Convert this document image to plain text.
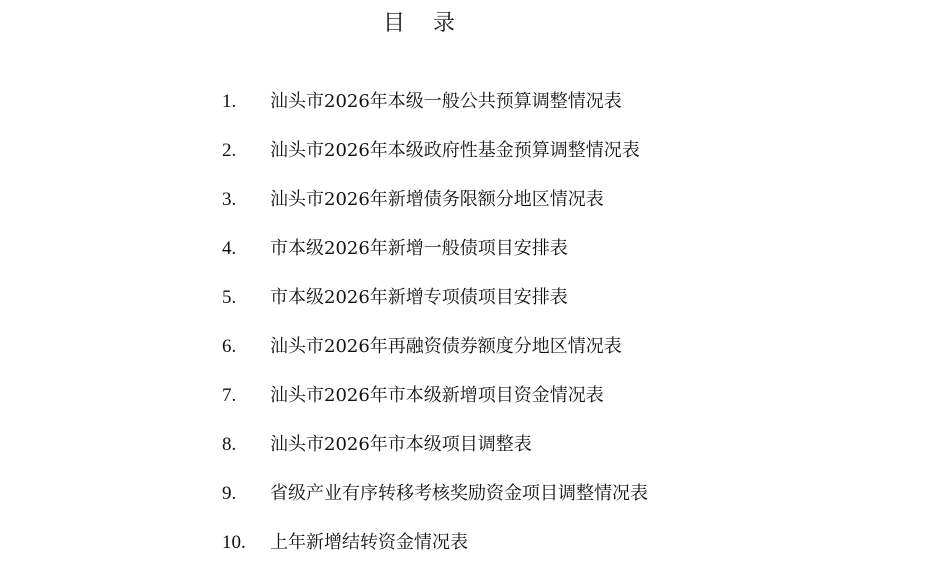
目录
1.	汕头市2026年本级一般公共预算调整情况表
2.	汕头市2026年本级政府性基金预算调整情况表
3.	汕头市2026年新增债务限额分地区情况表
4.	市本级2026年新增一般债项目安排表
5.	市本级2026年新增专项债项目安排表
6.	汕头市2026年再融资债券额度分地区情况表
7.	汕头市2026年市本级新增项目资金情况表
8.	汕头市2026年市本级项目调整表
9.	省级产业有序转移考核奖励资金项目调整情况表
10.	上年新增结转资金情况表
